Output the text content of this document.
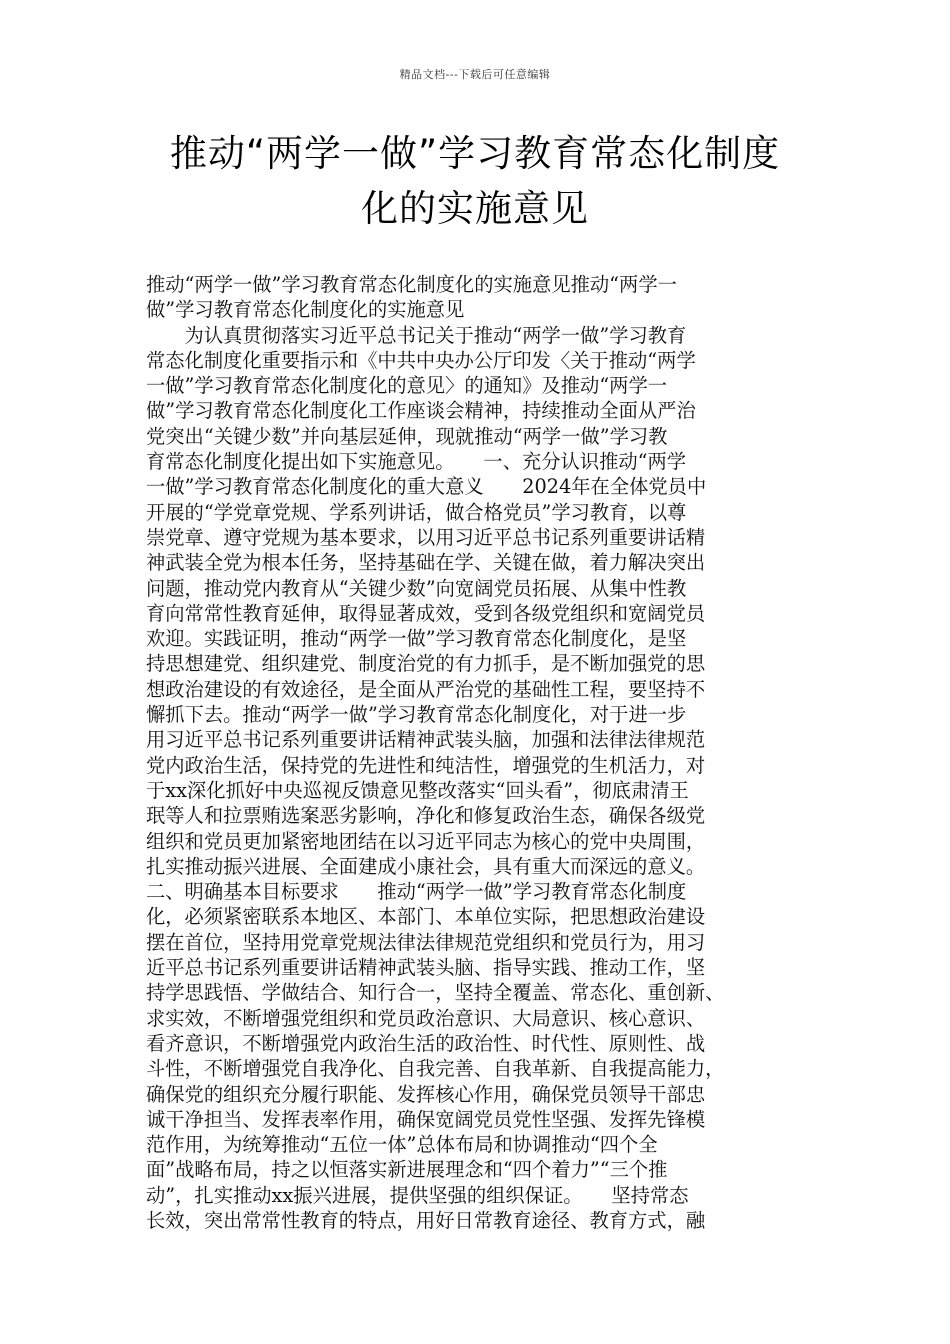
精品文档---下载后可任意编辑
推动“两学一做”学习教育常态化制度
化的实施意见

推动“两学一做”学习教育常态化制度化的实施意见推动“两学一

做”学习教育常态化制度化的实施意见

　　为认真贯彻落实习近平总书记关于推动“两学一做”学习教育

常态化制度化重要指示和《中共中央办公厅印发〈关于推动“两学

一做”学习教育常态化制度化的意见〉的通知》及推动“两学一

做”学习教育常态化制度化工作座谈会精神，持续推动全面从严治

党突出“关键少数”并向基层延伸，现就推动“两学一做”学习教

育常态化制度化提出如下实施意见。　　一、充分认识推动“两学

一做”学习教育常态化制度化的重大意义　　2024年在全体党员中

开展的“学党章党规、学系列讲话，做合格党员”学习教育，以尊

崇党章、遵守党规为基本要求，以用习近平总书记系列重要讲话精

神武装全党为根本任务，坚持基础在学、关键在做，着力解决突出

问题，推动党内教育从“关键少数”向宽阔党员拓展、从集中性教

育向常常性教育延伸，取得显著成效，受到各级党组织和宽阔党员

欢迎。实践证明，推动“两学一做”学习教育常态化制度化，是坚

持思想建党、组织建党、制度治党的有力抓手，是不断加强党的思

想政治建设的有效途径，是全面从严治党的基础性工程，要坚持不

懈抓下去。推动“两学一做”学习教育常态化制度化，对于进一步

用习近平总书记系列重要讲话精神武装头脑，加强和法律法律规范

党内政治生活，保持党的先进性和纯洁性，增强党的生机活力，对

于xx深化抓好中央巡视反馈意见整改落实“回头看”，彻底肃清王

珉等人和拉票贿选案恶劣影响，净化和修复政治生态，确保各级党

组织和党员更加紧密地团结在以习近平同志为核心的党中央周围，

扎实推动振兴进展、全面建成小康社会，具有重大而深远的意义。

二、明确基本目标要求　　推动“两学一做”学习教育常态化制度

化，必须紧密联系本地区、本部门、本单位实际，把思想政治建设

摆在首位，坚持用党章党规法律法律规范党组织和党员行为，用习

近平总书记系列重要讲话精神武装头脑、指导实践、推动工作，坚

持学思践悟、学做结合、知行合一，坚持全覆盖、常态化、重创新、

求实效，不断增强党组织和党员政治意识、大局意识、核心意识、

看齐意识，不断增强党内政治生活的政治性、时代性、原则性、战

斗性，不断增强党自我净化、自我完善、自我革新、自我提高能力，

确保党的组织充分履行职能、发挥核心作用，确保党员领导干部忠

诚干净担当、发挥表率作用，确保宽阔党员党性坚强、发挥先锋模

范作用，为统筹推动“五位一体”总体布局和协调推动“四个全

面”战略布局，持之以恒落实新进展理念和“四个着力”“三个推

动”，扎实推动xx振兴进展，提供坚强的组织保证。　　坚持常态

长效，突出常常性教育的特点，用好日常教育途径、教育方式，融
